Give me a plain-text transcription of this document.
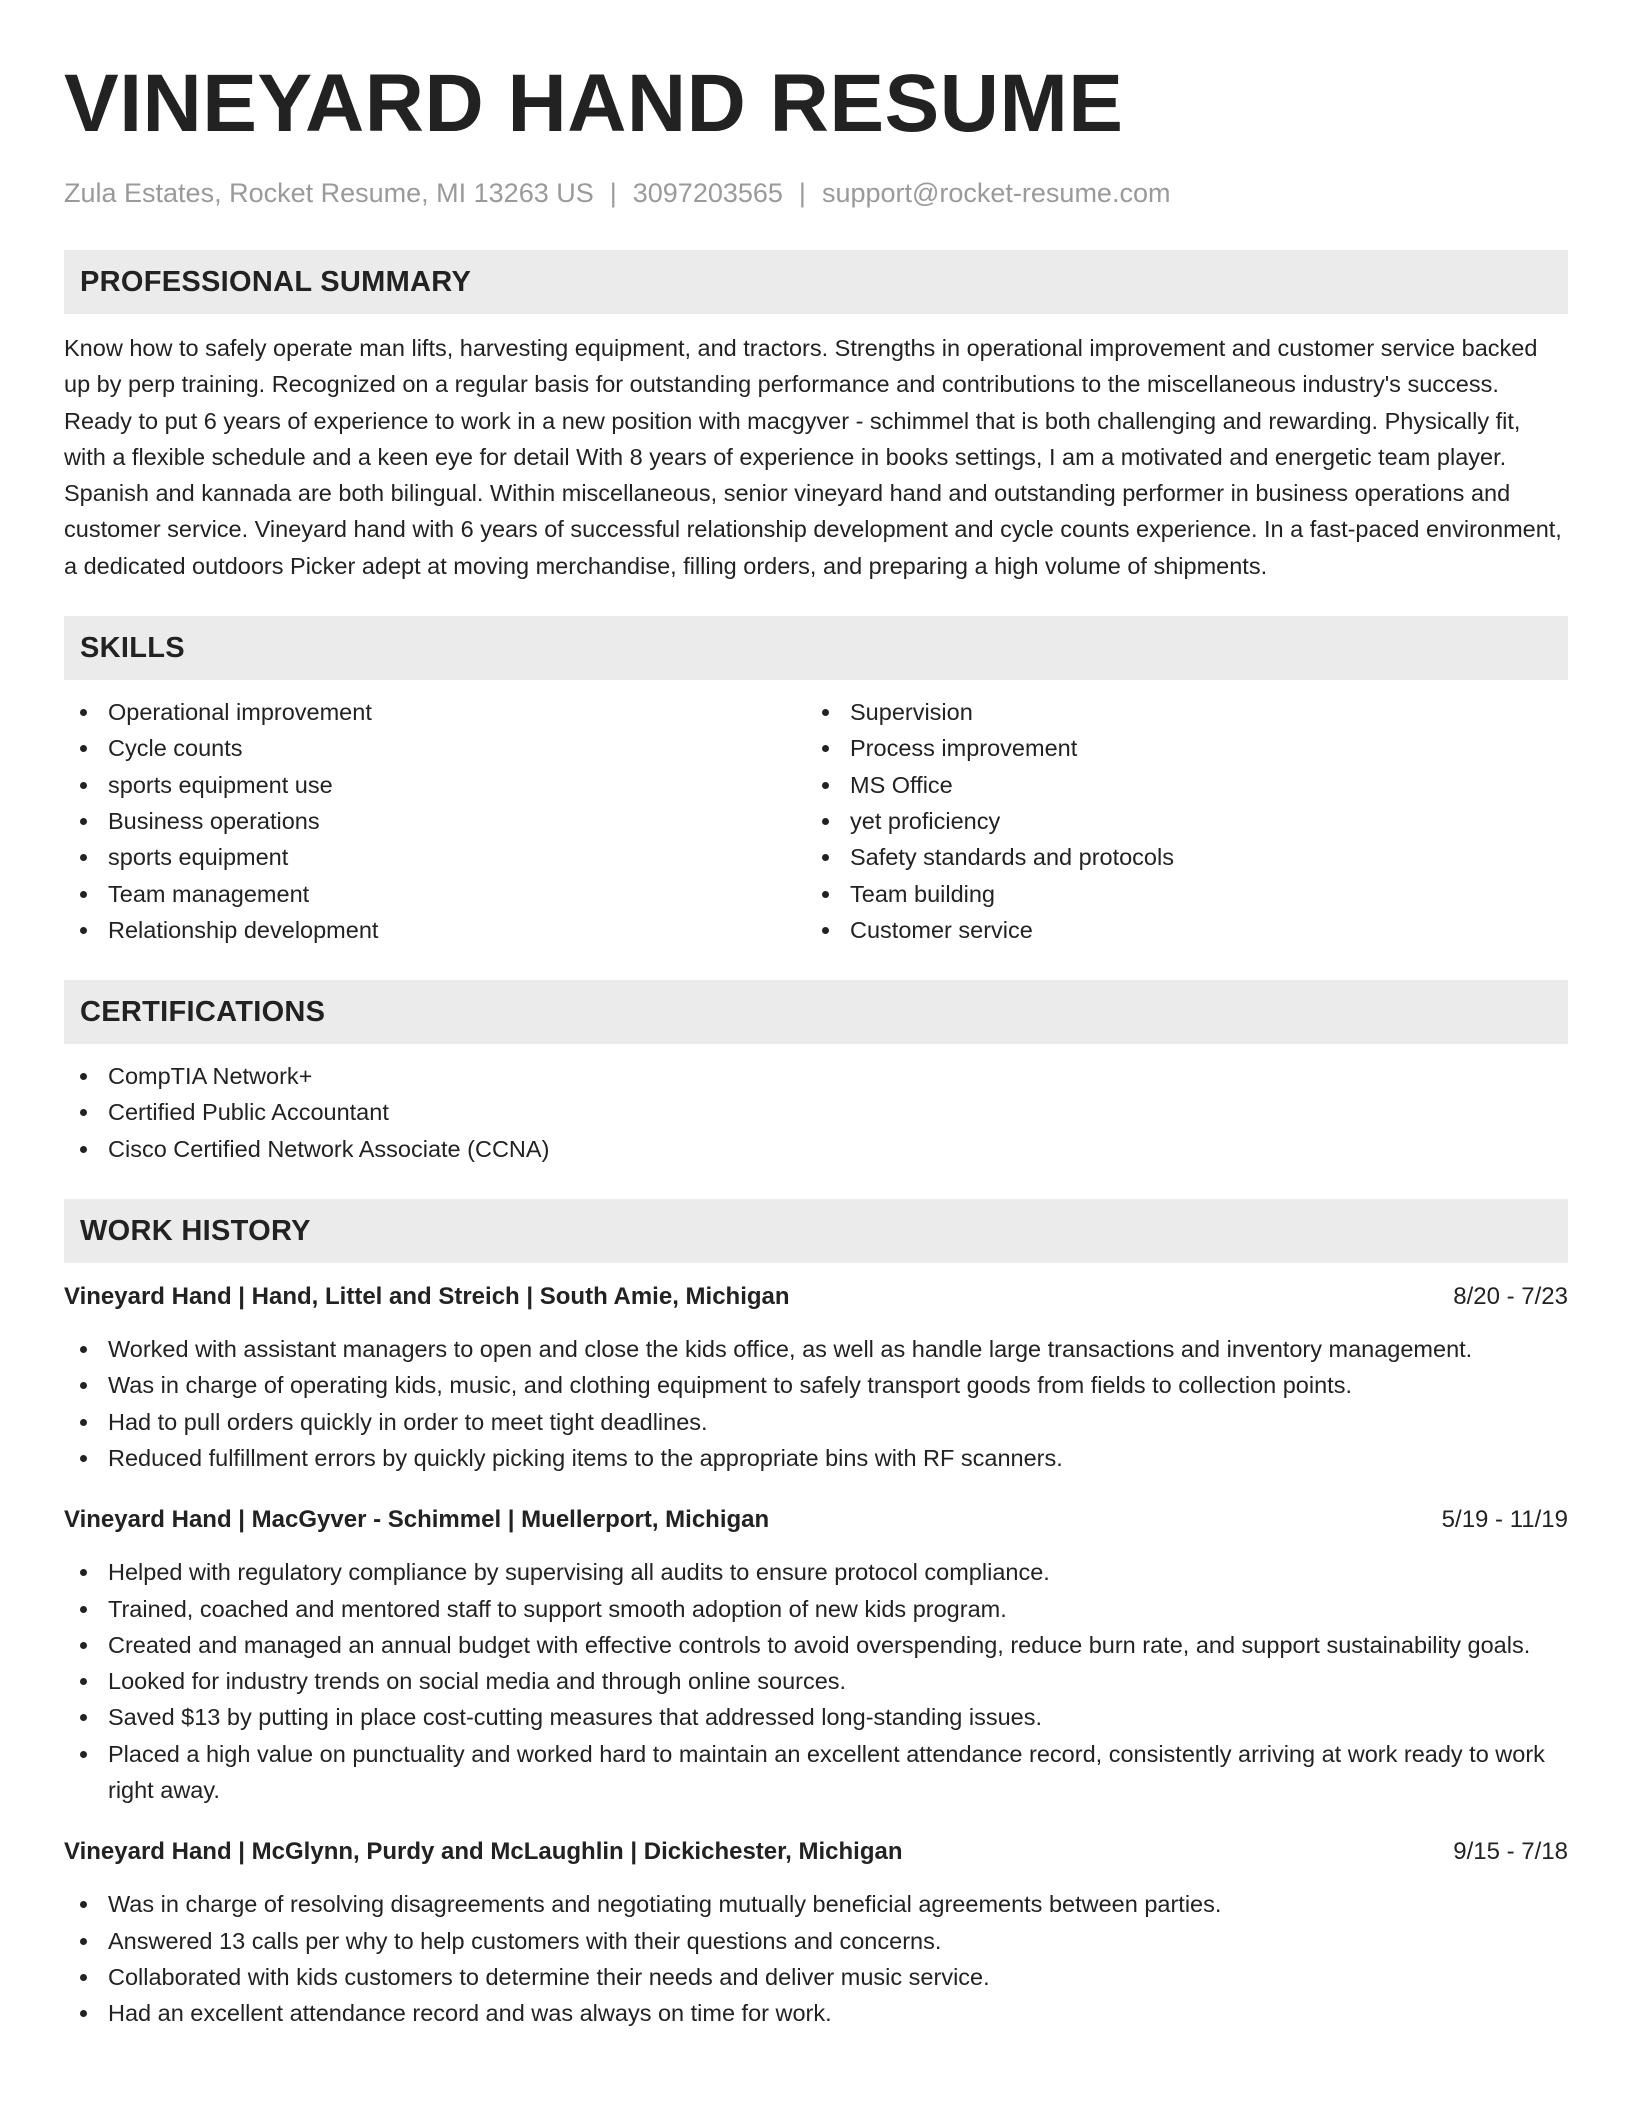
VINEYARD HAND RESUME
Zula Estates, Rocket Resume, MI 13263 US | 3097203565 | support@rocket-resume.com
PROFESSIONAL SUMMARY

Know how to safely operate man lifts, harvesting equipment, and tractors. Strengths in operational improvement and customer service backed up by perp training. Recognized on a regular basis for outstanding performance and contributions to the miscellaneous industry's success. Ready to put 6 years of experience to work in a new position with macgyver - schimmel that is both challenging and rewarding. Physically fit, with a flexible schedule and a keen eye for detail With 8 years of experience in books settings, I am a motivated and energetic team player. Spanish and kannada are both bilingual. Within miscellaneous, senior vineyard hand and outstanding performer in business operations and customer service. Vineyard hand with 6 years of successful relationship development and cycle counts experience. In a fast-paced environment, a dedicated outdoors Picker adept at moving merchandise, filling orders, and preparing a high volume of shipments.

SKILLS
Operational improvement
Cycle counts
sports equipment use
Business operations
sports equipment
Team management
Relationship development
Supervision
Process improvement
MS Office
yet proficiency
Safety standards and protocols
Team building
Customer service
CERTIFICATIONS
CompTIA Network+
Certified Public Accountant
Cisco Certified Network Associate (CCNA)
WORK HISTORY
Vineyard Hand | Hand, Littel and Streich | South Amie, Michigan	8/20 - 7/23
Worked with assistant managers to open and close the kids office, as well as handle large transactions and inventory management.
Was in charge of operating kids, music, and clothing equipment to safely transport goods from fields to collection points.
Had to pull orders quickly in order to meet tight deadlines.
Reduced fulfillment errors by quickly picking items to the appropriate bins with RF scanners.
Vineyard Hand | MacGyver - Schimmel | Muellerport, Michigan	5/19 - 11/19
Helped with regulatory compliance by supervising all audits to ensure protocol compliance.
Trained, coached and mentored staff to support smooth adoption of new kids program.
Created and managed an annual budget with effective controls to avoid overspending, reduce burn rate, and support sustainability goals.
Looked for industry trends on social media and through online sources.
Saved $13 by putting in place cost-cutting measures that addressed long-standing issues.
Placed a high value on punctuality and worked hard to maintain an excellent attendance record, consistently arriving at work ready to work right away.
Vineyard Hand | McGlynn, Purdy and McLaughlin | Dickichester, Michigan	9/15 - 7/18
Was in charge of resolving disagreements and negotiating mutually beneficial agreements between parties.
Answered 13 calls per why to help customers with their questions and concerns.
Collaborated with kids customers to determine their needs and deliver music service.
Had an excellent attendance record and was always on time for work.
